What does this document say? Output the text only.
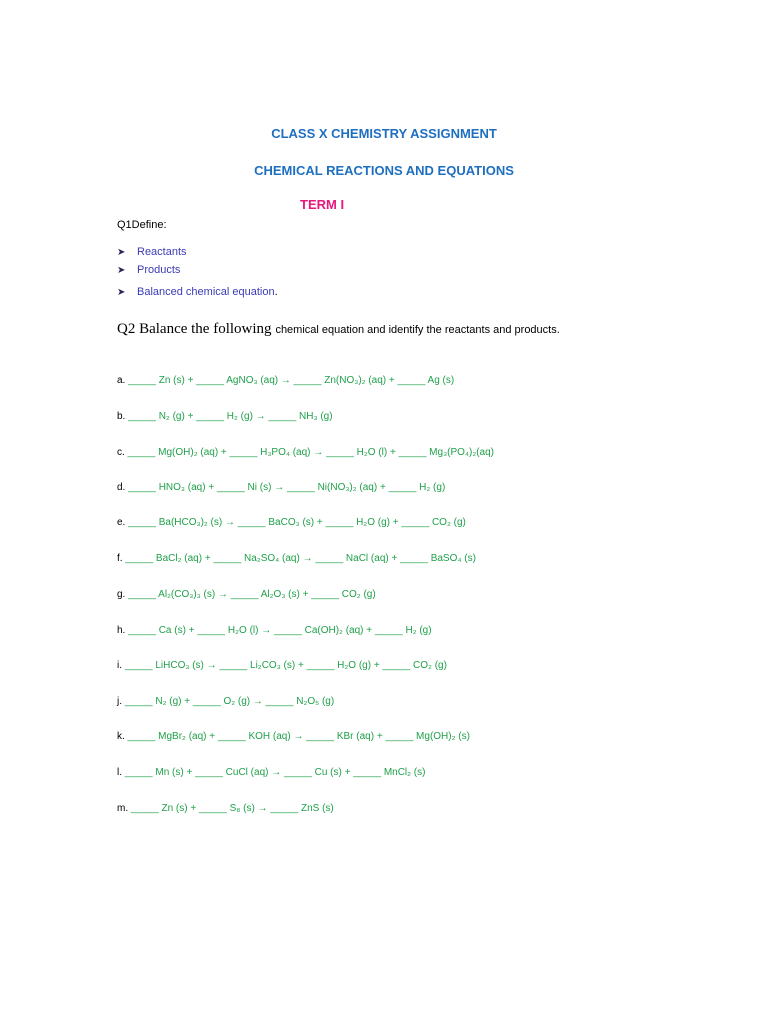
CLASS X CHEMISTRY ASSIGNMENT
CHEMICAL REACTIONS AND EQUATIONS
TERM I
Q1Define:
➤ Reactants
➤ Products
➤ Balanced chemical equation.
Q2 Balance the following chemical equation and identify the reactants and products.
a. _____ Zn (s) + _____ AgNO₃ (aq) → _____ Zn(NO₃)₂ (aq) + _____ Ag (s)
b. _____ N₂ (g) + _____ H₂ (g) → _____ NH₃ (g)
c. _____ Mg(OH)₂ (aq) + _____ H₃PO₄ (aq) → _____ H₂O (l) + _____ Mg₃(PO₄)₂(aq)
d. _____ HNO₃ (aq) + _____ Ni (s) → _____ Ni(NO₃)₂ (aq) + _____ H₂ (g)
e. _____ Ba(HCO₃)₂ (s) → _____ BaCO₃ (s) + _____ H₂O (g) + _____ CO₂ (g)
f. _____ BaCl₂ (aq) + _____ Na₂SO₄ (aq) → _____ NaCl (aq) + _____ BaSO₄ (s)
g. _____ Al₂(CO₃)₃ (s) → _____ Al₂O₃ (s) + _____ CO₂ (g)
h. _____ Ca (s) + _____ H₂O (l) → _____ Ca(OH)₂ (aq) + _____ H₂ (g)
i. _____ LiHCO₃ (s) → _____ Li₂CO₃ (s) + _____ H₂O (g) + _____ CO₂ (g)
j. _____ N₂ (g) + _____ O₂ (g) → _____ N₂O₅ (g)
k. _____ MgBr₂ (aq) + _____ KOH (aq) → _____ KBr (aq) + _____ Mg(OH)₂ (s)
l. _____ Mn (s) + _____ CuCl (aq) → _____ Cu (s) + _____ MnCl₂ (s)
m. _____ Zn (s) + _____ S₈ (s) → _____ ZnS (s)
